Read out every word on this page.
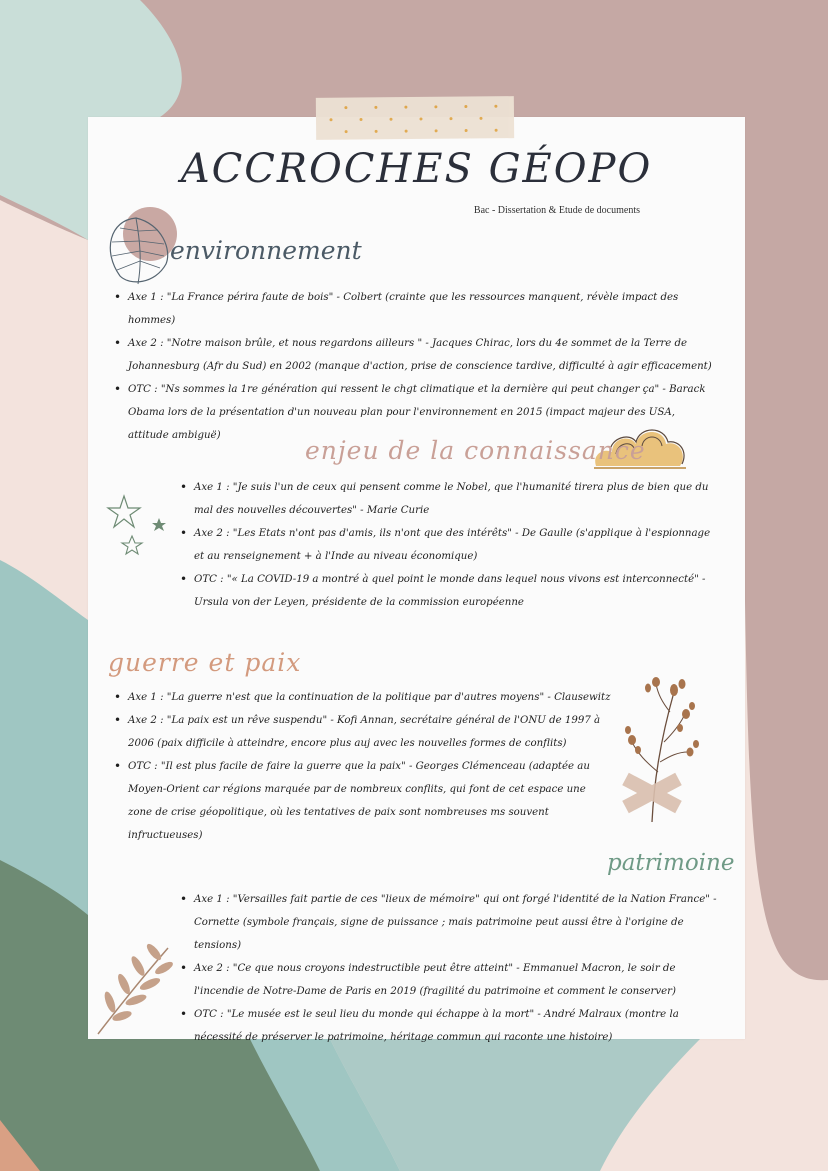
ACCROCHES GÉOPO
Bac - Dissertation & Etude de documents
environnement
• Axe 1 : "La France périra faute de bois" - Colbert (crainte que les ressources manquent, révèle impact des hommes)
• Axe 2 : "Notre maison brûle, et nous regardons ailleurs " - Jacques Chirac, lors du 4e sommet de la Terre de Johannesburg (Afr du Sud) en 2002 (manque d'action, prise de conscience tardive, difficulté à agir efficacement)
• OTC : "Ns sommes la 1re génération qui ressent le chgt climatique et la dernière qui peut changer ça" - Barack Obama lors de la présentation d'un nouveau plan pour l'environnement en 2015 (impact majeur des USA, attitude ambiguë)
enjeu de la connaissance
• Axe 1 : "Je suis l'un de ceux qui pensent comme le Nobel, que l'humanité tirera plus de bien que du mal des nouvelles découvertes" - Marie Curie
• Axe 2 : "Les Etats n'ont pas d'amis, ils n'ont que des intérêts" - De Gaulle (s'applique à l'espionnage et au renseignement + à l'Inde au niveau économique)
• OTC : "« La COVID-19 a montré à quel point le monde dans lequel nous vivons est interconnecté" - Ursula von der Leyen, présidente de la commission européenne
guerre et paix
• Axe 1 : "La guerre n'est que la continuation de la politique par d'autres moyens" - Clausewitz
• Axe 2 : "La paix est un rêve suspendu" - Kofi Annan, secrétaire général de l'ONU de 1997 à 2006 (paix difficile à atteindre, encore plus auj avec les nouvelles formes de conflits)
• OTC : "Il est plus facile de faire la guerre que la paix" - Georges Clémenceau (adaptée au Moyen-Orient car régions marquée par de nombreux conflits, qui font de cet espace une zone de crise géopolitique, où les tentatives de paix sont nombreuses ms souvent infructueuses)
patrimoine
• Axe 1 : "Versailles fait partie de ces "lieux de mémoire" qui ont forgé l'identité de la Nation France" - Cornette (symbole français, signe de puissance ; mais patrimoine peut aussi être à l'origine de tensions)
• Axe 2 : "Ce que nous croyons indestructible peut être atteint" - Emmanuel Macron, le soir de l'incendie de Notre-Dame de Paris en 2019 (fragilité du patrimoine et comment le conserver)
• OTC : "Le musée est le seul lieu du monde qui échappe à la mort" - André Malraux (montre la nécessité de préserver le patrimoine, héritage commun qui raconte une histoire)
